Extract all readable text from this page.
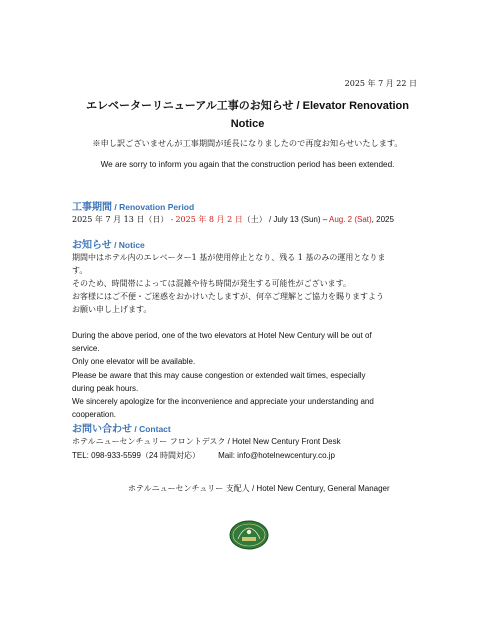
2025 年 7 月 22 日
エレベーターリニューアル工事のお知らせ / Elevator Renovation
Notice
※申し訳ございませんが工事期間が延長になりましたので再度お知らせいたします。
We are sorry to inform you again that the construction period has been extended.
工事期間 / Renovation Period
2025 年 7 月 13 日（日） - 2025 年 8 月 2 日（土） / July 13 (Sun) – Aug. 2 (Sat), 2025
お知らせ / Notice
期間中はホテル内のエレベーター1 基が使用停止となり、残る 1 基のみの運用となりま
す。
そのため、時間帯によっては混雑や待ち時間が発生する可能性がございます。
お客様にはご不便・ご迷惑をおかけいたしますが、何卒ご理解とご協力を賜りますよう
お願い申し上げます。
During the above period, one of the two elevators at Hotel New Century will be out of
service.
Only one elevator will be available.
Please be aware that this may cause congestion or extended wait times, especially
during peak hours.
We sincerely apologize for the inconvenience and appreciate your understanding and
cooperation.
お問い合わせ / Contact
ホテルニューセンチュリー フロントデスク / Hotel New Century Front Desk
TEL: 098-933-5599（24 時間対応） Mail: info@hotelnewcentury.co.jp
ホテルニューセンチュリー 支配人 / Hotel New Century, General Manager
